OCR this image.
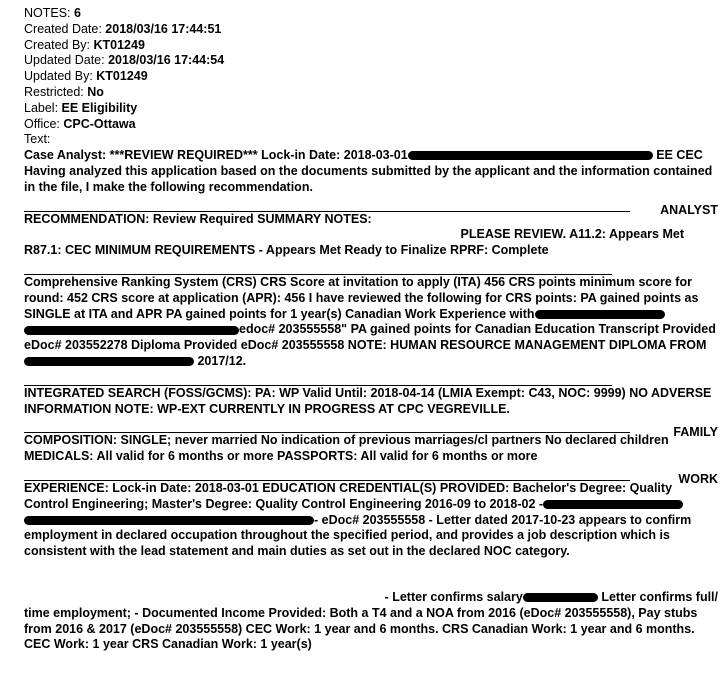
NOTES: 6
Created Date: 2018/03/16 17:44:51
Created By: KT01249
Updated Date: 2018/03/16 17:44:54
Updated By: KT01249
Restricted: No
Label: EE Eligibility
Office: CPC-Ottawa
Text:

Case Analyst: ***REVIEW REQUIRED*** Lock-in Date: 2018-03-01	EE CEC Having analyzed this application based on the documents submitted by the applicant and the information contained in the file, I make the following recommendation.

ANALYST

RECOMMENDATION: Review Required SUMMARY NOTES:

PLEASE REVIEW. A11.2: Appears Met

R87.1: CEC MINIMUM REQUIREMENTS - Appears Met Ready to Finalize RPRF: Complete

Comprehensive Ranking System (CRS) CRS Score at invitation to apply (ITA) 456 CRS points minimum score for round: 452 CRS score at application (APR): 456 I have reviewed the following for CRS points: PA gained points as SINGLE at ITA and APR PA gained points for 1 year(s) Canadian Work Experience with edoc# 203555558" PA gained points for Canadian Education Transcript Provided eDoc# 203552278 Diploma Provided eDoc# 203555558 NOTE: HUMAN RESOURCE MANAGEMENT DIPLOMA FROM 2017/12.

INTEGRATED SEARCH (FOSS/GCMS): PA: WP Valid Until: 2018-04-14 (LMIA Exempt: C43, NOC: 9999) NO ADVERSE INFORMATION NOTE: WP-EXT CURRENTLY IN PROGRESS AT CPC VEGREVILLE.

FAMILY

COMPOSITION: SINGLE; never married No indication of previous marriages/cl partners No declared children MEDICALS: All valid for 6 months or more PASSPORTS: All valid for 6 months or more

WORK

EXPERIENCE: Lock-in Date: 2018-03-01 EDUCATION CREDENTIAL(S) PROVIDED: Bachelor's Degree: Quality Control Engineering; Master's Degree: Quality Control Engineering 2016-09 to 2018-02 - - eDoc# 203555558 - Letter dated 2017-10-23 appears to confirm employment in declared occupation throughout the specified period, and provides a job description which is consistent with the lead statement and main duties as set out in the declared NOC category.

- Letter confirms salary	Letter confirms full/

time employment; - Documented Income Provided: Both a T4 and a NOA from 2016 (eDoc# 203555558), Pay stubs from 2016 & 2017 (eDoc# 203555558) CEC Work: 1 year and 6 months. CRS Canadian Work: 1 year and 6 months. CEC Work: 1 year CRS Canadian Work: 1 year(s)
